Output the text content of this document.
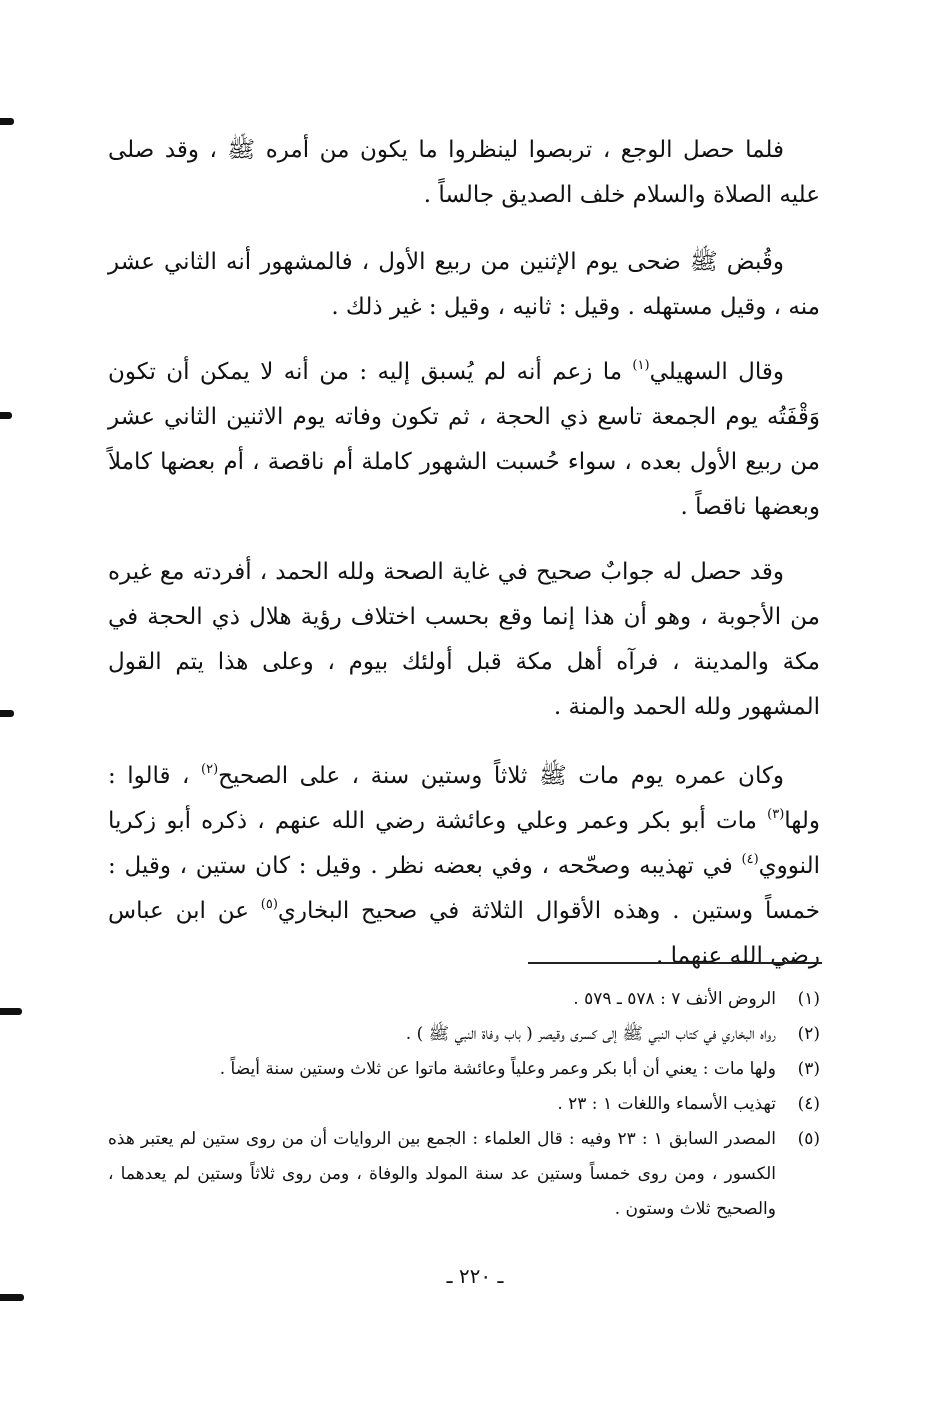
فلما حصل الوجع ، تربصوا لينظروا ما يكون من أمره ﷺ ، وقد صلى عليه الصلاة والسلام خلف الصديق جالساً .

وقُبض ﷺ ضحى يوم الإثنين من ربيع الأول ، فالمشهور أنه الثاني عشر منه ، وقيل مستهله . وقيل : ثانيه ، وقيل : غير ذلك .

وقال السهيلي$^{(١)}$ ما زعم أنه لم يُسبق إليه : من أنه لا يمكن أن تكون وَقْفَتُه يوم الجمعة تاسع ذي الحجة ، ثم تكون وفاته يوم الاثنين الثاني عشر من ربيع الأول بعده ، سواء حُسبت الشهور كاملة أم ناقصة ، أم بعضها كاملاً وبعضها ناقصاً .

وقد حصل له جوابٌ صحيح في غاية الصحة ولله الحمد ، أفردته مع غيره من الأجوبة ، وهو أن هذا إنما وقع بحسب اختلاف رؤية هلال ذي الحجة في مكة والمدينة ، فرآه أهل مكة قبل أولئك بيوم ، وعلى هذا يتم القول المشهور ولله الحمد والمنة .

وكان عمره يوم مات ﷺ ثلاثاً وستين سنة ، على الصحيح$^{(٢)}$ ، قالوا : ولها$^{(٣)}$ مات أبو بكر وعمر وعلي وعائشة رضي الله عنهم ، ذكره أبو زكريا النووي$^{(٤)}$ في تهذيبه وصحّحه ، وفي بعضه نظر . وقيل : كان ستين ، وقيل : خمساً وستين . وهذه الأقوال الثلاثة في صحيح البخاري$^{(٥)}$ عن ابن عباس رضي الله عنهما .

(١)
الروض الأنف ٧ : ٥٧٨ ـ ٥٧٩ .
(٢)
رواه البخاري في كتاب النبي ﷺ إلى كسرى وقيصر ( باب وفاة النبي ﷺ ) .
(٣)
ولها مات : يعني أن أبا بكر وعمر وعلياً وعائشة ماتوا عن ثلاث وستين سنة أيضاً .
(٤)
تهذيب الأسماء واللغات ١ : ٢٣ .
(٥)
المصدر السابق ١ : ٢٣ وفيه : قال العلماء : الجمع بين الروايات أن من روى ستين لم يعتبر هذه الكسور ، ومن روى خمساً وستين عد سنة المولد والوفاة ، ومن روى ثلاثاً وستين لم يعدهما ، والصحيح ثلاث وستون .
ـ ٢٢٠ ـ
